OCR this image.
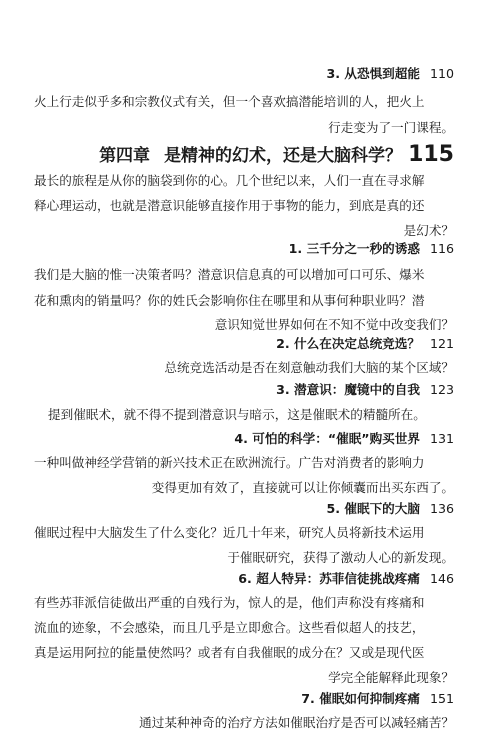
3. 从恐惧到超能 110
火上行走似乎多和宗教仪式有关，但一个喜欢搞潜能培训的人，把火上
行走变为了一门课程。
第四章 是精神的幻术，还是大脑科学？ 115
最长的旅程是从你的脑袋到你的心。几个世纪以来，人们一直在寻求解
释心理运动，也就是潜意识能够直接作用于事物的能力，到底是真的还
是幻术？
1. 三千分之一秒的诱惑 116
我们是大脑的惟一决策者吗？潜意识信息真的可以增加可口可乐、爆米
花和熏肉的销量吗？你的姓氏会影响你住在哪里和从事何种职业吗？潜
意识知觉世界如何在不知不觉中改变我们？
2. 什么在决定总统竞选？ 121
总统竞选活动是否在刻意触动我们大脑的某个区域？
3. 潜意识：魔镜中的自我 123
提到催眠术，就不得不提到潜意识与暗示，这是催眠术的精髓所在。
4. 可怕的科学：“催眠”购买世界 131
一种叫做神经学营销的新兴技术正在欧洲流行。广告对消费者的影响力
变得更加有效了，直接就可以让你倾囊而出买东西了。
5. 催眠下的大脑 136
催眠过程中大脑发生了什么变化？近几十年来，研究人员将新技术运用
于催眠研究，获得了激动人心的新发现。
6. 超人特异：苏菲信徒挑战疼痛 146
有些苏菲派信徒做出严重的自残行为，惊人的是，他们声称没有疼痛和
流血的迹象，不会感染，而且几乎是立即愈合。这些看似超人的技艺，
真是运用阿拉的能量使然吗？或者有自我催眠的成分在？又或是现代医
学完全能解释此现象？
7. 催眠如何抑制疼痛 151
通过某种神奇的治疗方法如催眠治疗是否可以减轻痛苦？
